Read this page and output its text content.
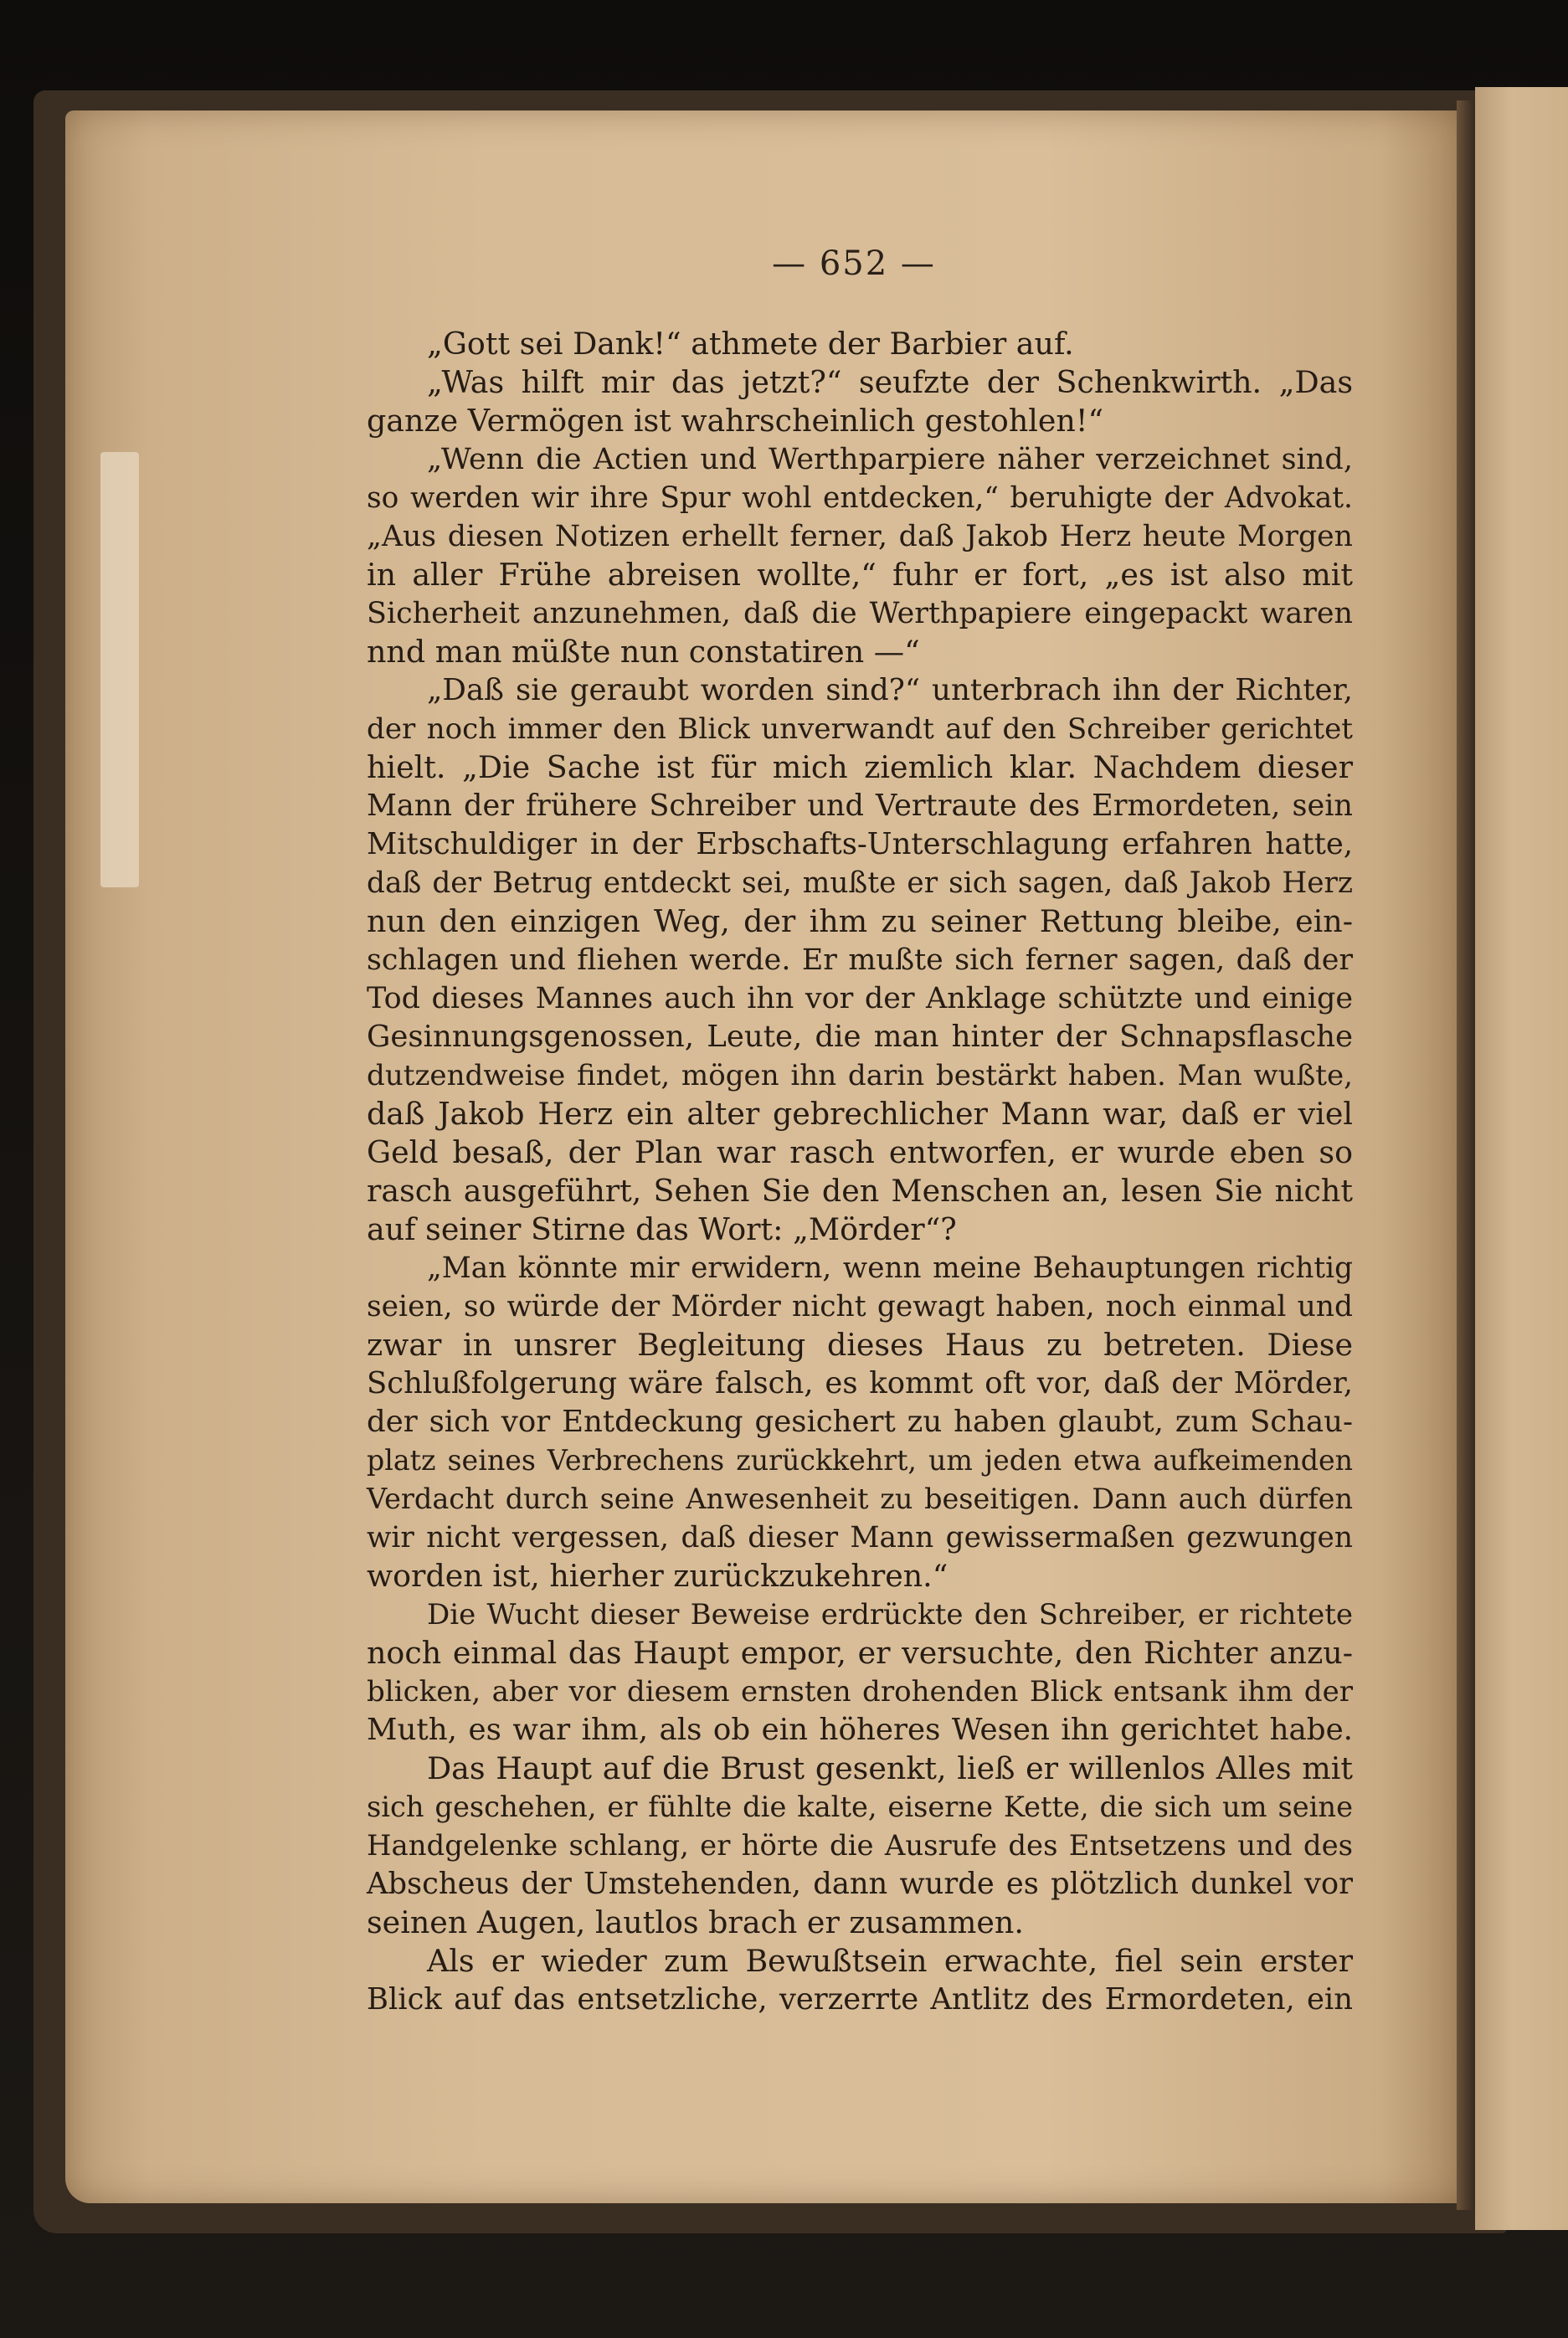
— 652 —
„Gott sei Dank!“ athmete der Barbier auf.
„Was hilft mir das jetzt?“ seufzte der Schenkwirth. „Das
ganze Vermögen ist wahrscheinlich gestohlen!“
„Wenn die Actien und Werthparpiere näher verzeichnet sind,
so werden wir ihre Spur wohl entdecken,“ beruhigte der Advokat.
„Aus diesen Notizen erhellt ferner, daß Jakob Herz heute Morgen
in aller Frühe abreisen wollte,“ fuhr er fort, „es ist also mit
Sicherheit anzunehmen, daß die Werthpapiere eingepackt waren
nnd man müßte nun constatiren —“
„Daß sie geraubt worden sind?“ unterbrach ihn der Richter,
der noch immer den Blick unverwandt auf den Schreiber gerichtet
hielt. „Die Sache ist für mich ziemlich klar. Nachdem dieser
Mann der frühere Schreiber und Vertraute des Ermordeten, sein
Mitschuldiger in der Erbschafts-Unterschlagung erfahren hatte,
daß der Betrug entdeckt sei, mußte er sich sagen, daß Jakob Herz
nun den einzigen Weg, der ihm zu seiner Rettung bleibe, ein-
schlagen und fliehen werde. Er mußte sich ferner sagen, daß der
Tod dieses Mannes auch ihn vor der Anklage schützte und einige
Gesinnungsgenossen, Leute, die man hinter der Schnapsflasche
dutzendweise findet, mögen ihn darin bestärkt haben. Man wußte,
daß Jakob Herz ein alter gebrechlicher Mann war, daß er viel
Geld besaß, der Plan war rasch entworfen, er wurde eben so
rasch ausgeführt, Sehen Sie den Menschen an, lesen Sie nicht
auf seiner Stirne das Wort: „Mörder“?
„Man könnte mir erwidern, wenn meine Behauptungen richtig
seien, so würde der Mörder nicht gewagt haben, noch einmal und
zwar in unsrer Begleitung dieses Haus zu betreten. Diese
Schlußfolgerung wäre falsch, es kommt oft vor, daß der Mörder,
der sich vor Entdeckung gesichert zu haben glaubt, zum Schau-
platz seines Verbrechens zurückkehrt, um jeden etwa aufkeimenden
Verdacht durch seine Anwesenheit zu beseitigen. Dann auch dürfen
wir nicht vergessen, daß dieser Mann gewissermaßen gezwungen
worden ist, hierher zurückzukehren.“
Die Wucht dieser Beweise erdrückte den Schreiber, er richtete
noch einmal das Haupt empor, er versuchte, den Richter anzu-
blicken, aber vor diesem ernsten drohenden Blick entsank ihm der
Muth, es war ihm, als ob ein höheres Wesen ihn gerichtet habe.
Das Haupt auf die Brust gesenkt, ließ er willenlos Alles mit
sich geschehen, er fühlte die kalte, eiserne Kette, die sich um seine
Handgelenke schlang, er hörte die Ausrufe des Entsetzens und des
Abscheus der Umstehenden, dann wurde es plötzlich dunkel vor
seinen Augen, lautlos brach er zusammen.
Als er wieder zum Bewußtsein erwachte, fiel sein erster
Blick auf das entsetzliche, verzerrte Antlitz des Ermordeten, ein
